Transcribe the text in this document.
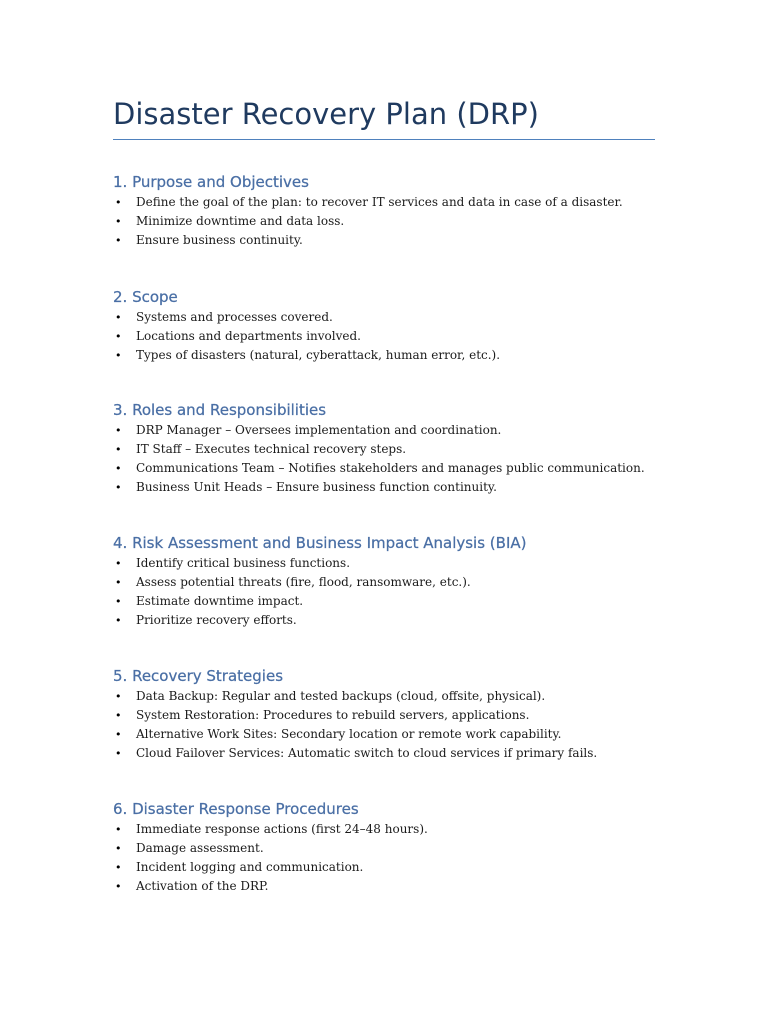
Disaster Recovery Plan (DRP)
1. Purpose and Objectives
• Define the goal of the plan: to recover IT services and data in case of a disaster.
• Minimize downtime and data loss.
• Ensure business continuity.
2. Scope
• Systems and processes covered.
• Locations and departments involved.
• Types of disasters (natural, cyberattack, human error, etc.).
3. Roles and Responsibilities
• DRP Manager – Oversees implementation and coordination.
• IT Staff – Executes technical recovery steps.
• Communications Team – Notifies stakeholders and manages public communication.
• Business Unit Heads – Ensure business function continuity.
4. Risk Assessment and Business Impact Analysis (BIA)
• Identify critical business functions.
• Assess potential threats (fire, flood, ransomware, etc.).
• Estimate downtime impact.
• Prioritize recovery efforts.
5. Recovery Strategies
• Data Backup: Regular and tested backups (cloud, offsite, physical).
• System Restoration: Procedures to rebuild servers, applications.
• Alternative Work Sites: Secondary location or remote work capability.
• Cloud Failover Services: Automatic switch to cloud services if primary fails.
6. Disaster Response Procedures
• Immediate response actions (first 24–48 hours).
• Damage assessment.
• Incident logging and communication.
• Activation of the DRP.
